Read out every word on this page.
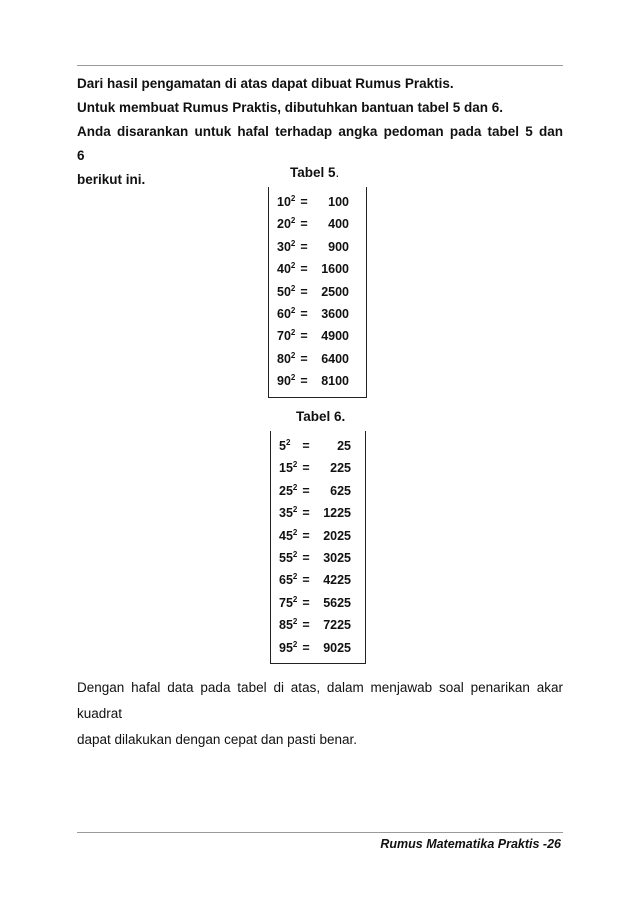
Dari hasil pengamatan di atas dapat dibuat Rumus Praktis.

Untuk membuat Rumus Praktis, dibutuhkan bantuan tabel 5 dan 6.

Anda disarankan untuk hafal terhadap angka pedoman pada tabel 5 dan 6

berikut ini.	Tabel 5.
$10^2 = 100$
$20^2 = 400$
$30^2 = 900$
$40^2 = 1600$
$50^2 = 2500$
$60^2 = 3600$
$70^2 = 4900$
$80^2 = 6400$
$90^2 = 8100$
Tabel 6.
$5^2 = 25$
$15^2 = 225$
$25^2 = 625$
$35^2 = 1225$
$45^2 = 2025$
$55^2 = 3025$
$65^2 = 4225$
$75^2 = 5625$
$85^2 = 7225$
$95^2 = 9025$

Dengan hafal data pada tabel di atas, dalam menjawab soal penarikan akar kuadrat

dapat dilakukan dengan cepat dan pasti benar.

Rumus Matematika Praktis -26
